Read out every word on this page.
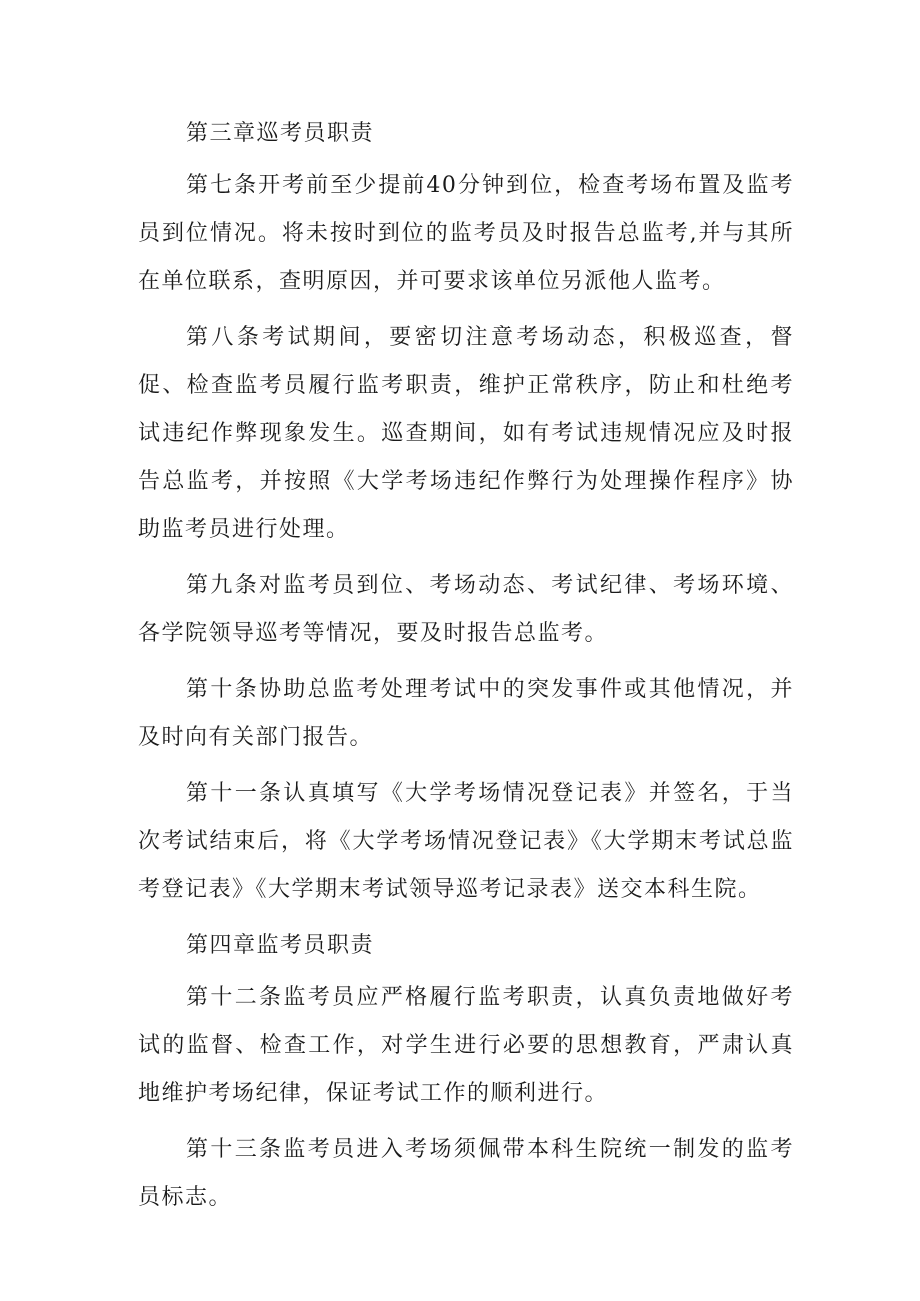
第三章巡考员职责

第七条开考前至少提前40分钟到位，检查考场布置及监考员到位情况。将未按时到位的监考员及时报告总监考,并与其所在单位联系，查明原因，并可要求该单位另派他人监考。

第八条考试期间，要密切注意考场动态，积极巡查，督促、检查监考员履行监考职责，维护正常秩序，防止和杜绝考试违纪作弊现象发生。巡查期间，如有考试违规情况应及时报告总监考，并按照《大学考场违纪作弊行为处理操作程序》协助监考员进行处理。

第九条对监考员到位、考场动态、考试纪律、考场环境、各学院领导巡考等情况，要及时报告总监考。

第十条协助总监考处理考试中的突发事件或其他情况，并及时向有关部门报告。

第十一条认真填写《大学考场情况登记表》并签名，于当次考试结束后，将《大学考场情况登记表》《大学期末考试总监考登记表》《大学期末考试领导巡考记录表》送交本科生院。

第四章监考员职责

第十二条监考员应严格履行监考职责，认真负责地做好考试的监督、检查工作，对学生进行必要的思想教育，严肃认真地维护考场纪律，保证考试工作的顺利进行。

第十三条监考员进入考场须佩带本科生院统一制发的监考员标志。
